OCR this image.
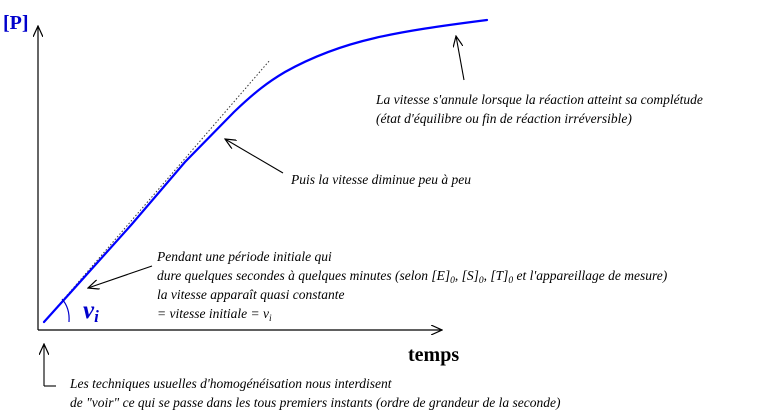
[P]
temps
vi
La vitesse s'annule lorsque la réaction atteint sa complétude
(état d'équilibre ou fin de réaction irréversible)
Puis la vitesse diminue peu à peu
Pendant une période initiale qui
dure quelques secondes à quelques minutes (selon $[E]_0$, $[S]_0$, $[T]_0$ et l'appareillage de mesure)
la vitesse apparaît quasi constante
= vitesse initiale = $v_i$
Les techniques usuelles d'homogénéisation nous interdisent
de "voir" ce qui se passe dans les tous premiers instants (ordre de grandeur de la seconde)
